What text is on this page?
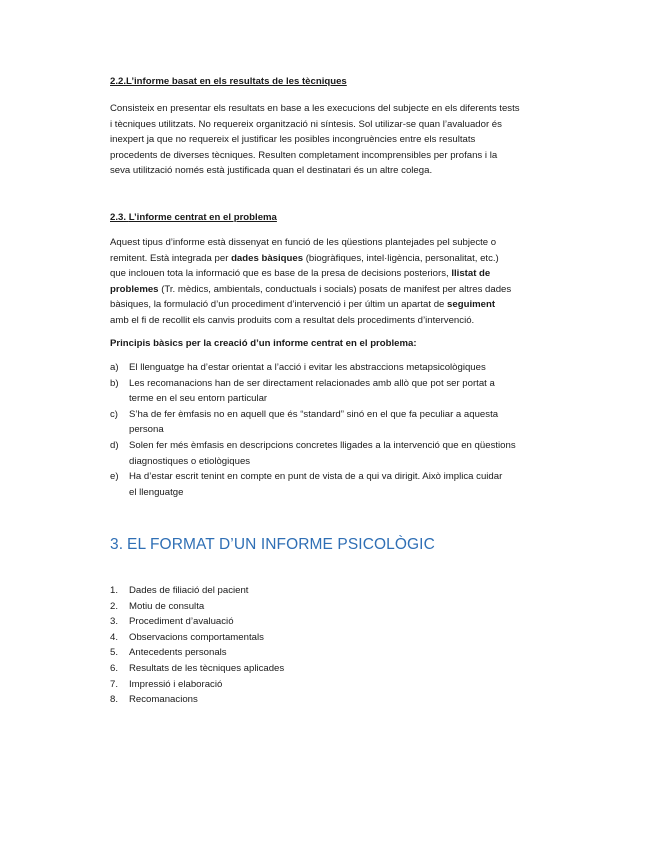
2.2.L’informe basat en els resultats de les tècniques
Consisteix en presentar els resultats en base a les execucions del subjecte en els diferents tests
i tècniques utilitzats. No requereix organització ni síntesis. Sol utilizar-se quan l’avaluador és
inexpert ja que no requereix el justificar les posibles incongruències entre els resultats
procedents de diverses tècniques. Resulten completament incomprensibles per profans i la
seva utilització només està justificada quan el destinatari és un altre colega.
2.3. L’informe centrat en el problema
Aquest tipus d’informe està dissenyat en funció de les qüestions plantejades pel subjecte o
remitent. Està integrada per dades bàsiques (biogràfiques, intel·ligència, personalitat, etc.)
que inclouen tota la informació que es base de la presa de decisions posteriors, llistat de
problemes (Tr. mèdics, ambientals, conductuals i socials) posats de manifest per altres dades
bàsiques, la formulació d’un procediment d’intervenció i per últim un apartat de seguiment
amb el fi de recollit els canvis produits com a resultat dels procediments d’intervenció.
Principis bàsics per la creació d’un informe centrat en el problema:
a) El llenguatge ha d’estar orientat a l’acció i evitar les abstraccions metapsicològiques
b) Les recomanacions han de ser directament relacionades amb allò que pot ser portat a
terme en el seu entorn particular
c) S’ha de fer èmfasis no en aquell que és “standard” sinó en el que fa peculiar a aquesta
persona
d) Solen fer més èmfasis en descripcions concretes lligades a la intervenció que en qüestions
diagnostiques o etiològiques
e) Ha d’estar escrit tenint en compte en punt de vista de a qui va dirigit. Això implica cuidar
el llenguatge
3. EL FORMAT D’UN INFORME PSICOLÒGIC
1. Dades de filiació del pacient
2. Motiu de consulta
3. Procediment d’avaluació
4. Observacions comportamentals
5. Antecedents personals
6. Resultats de les tècniques aplicades
7. Impressió i elaboració
8. Recomanacions
